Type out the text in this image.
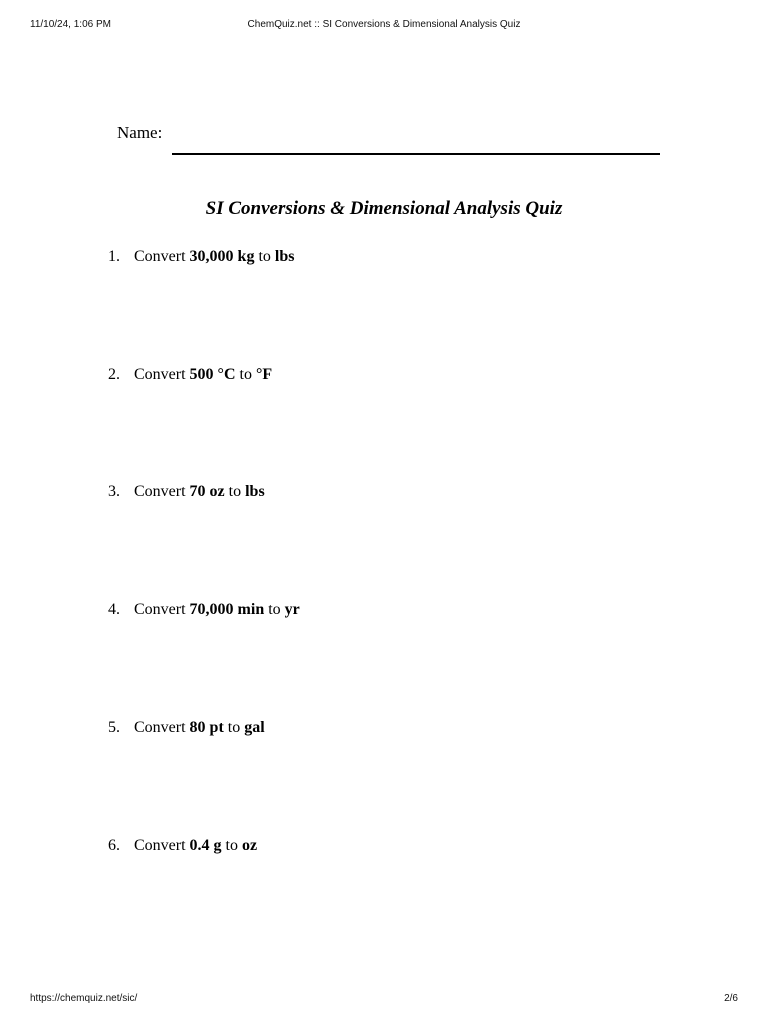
11/10/24, 1:06 PM	ChemQuiz.net :: SI Conversions & Dimensional Analysis Quiz
Name:
SI Conversions & Dimensional Analysis Quiz
1. Convert 30,000 kg to lbs
2. Convert 500 °C to °F
3. Convert 70 oz to lbs
4. Convert 70,000 min to yr
5. Convert 80 pt to gal
6. Convert 0.4 g to oz
https://chemquiz.net/sic/	2/6
